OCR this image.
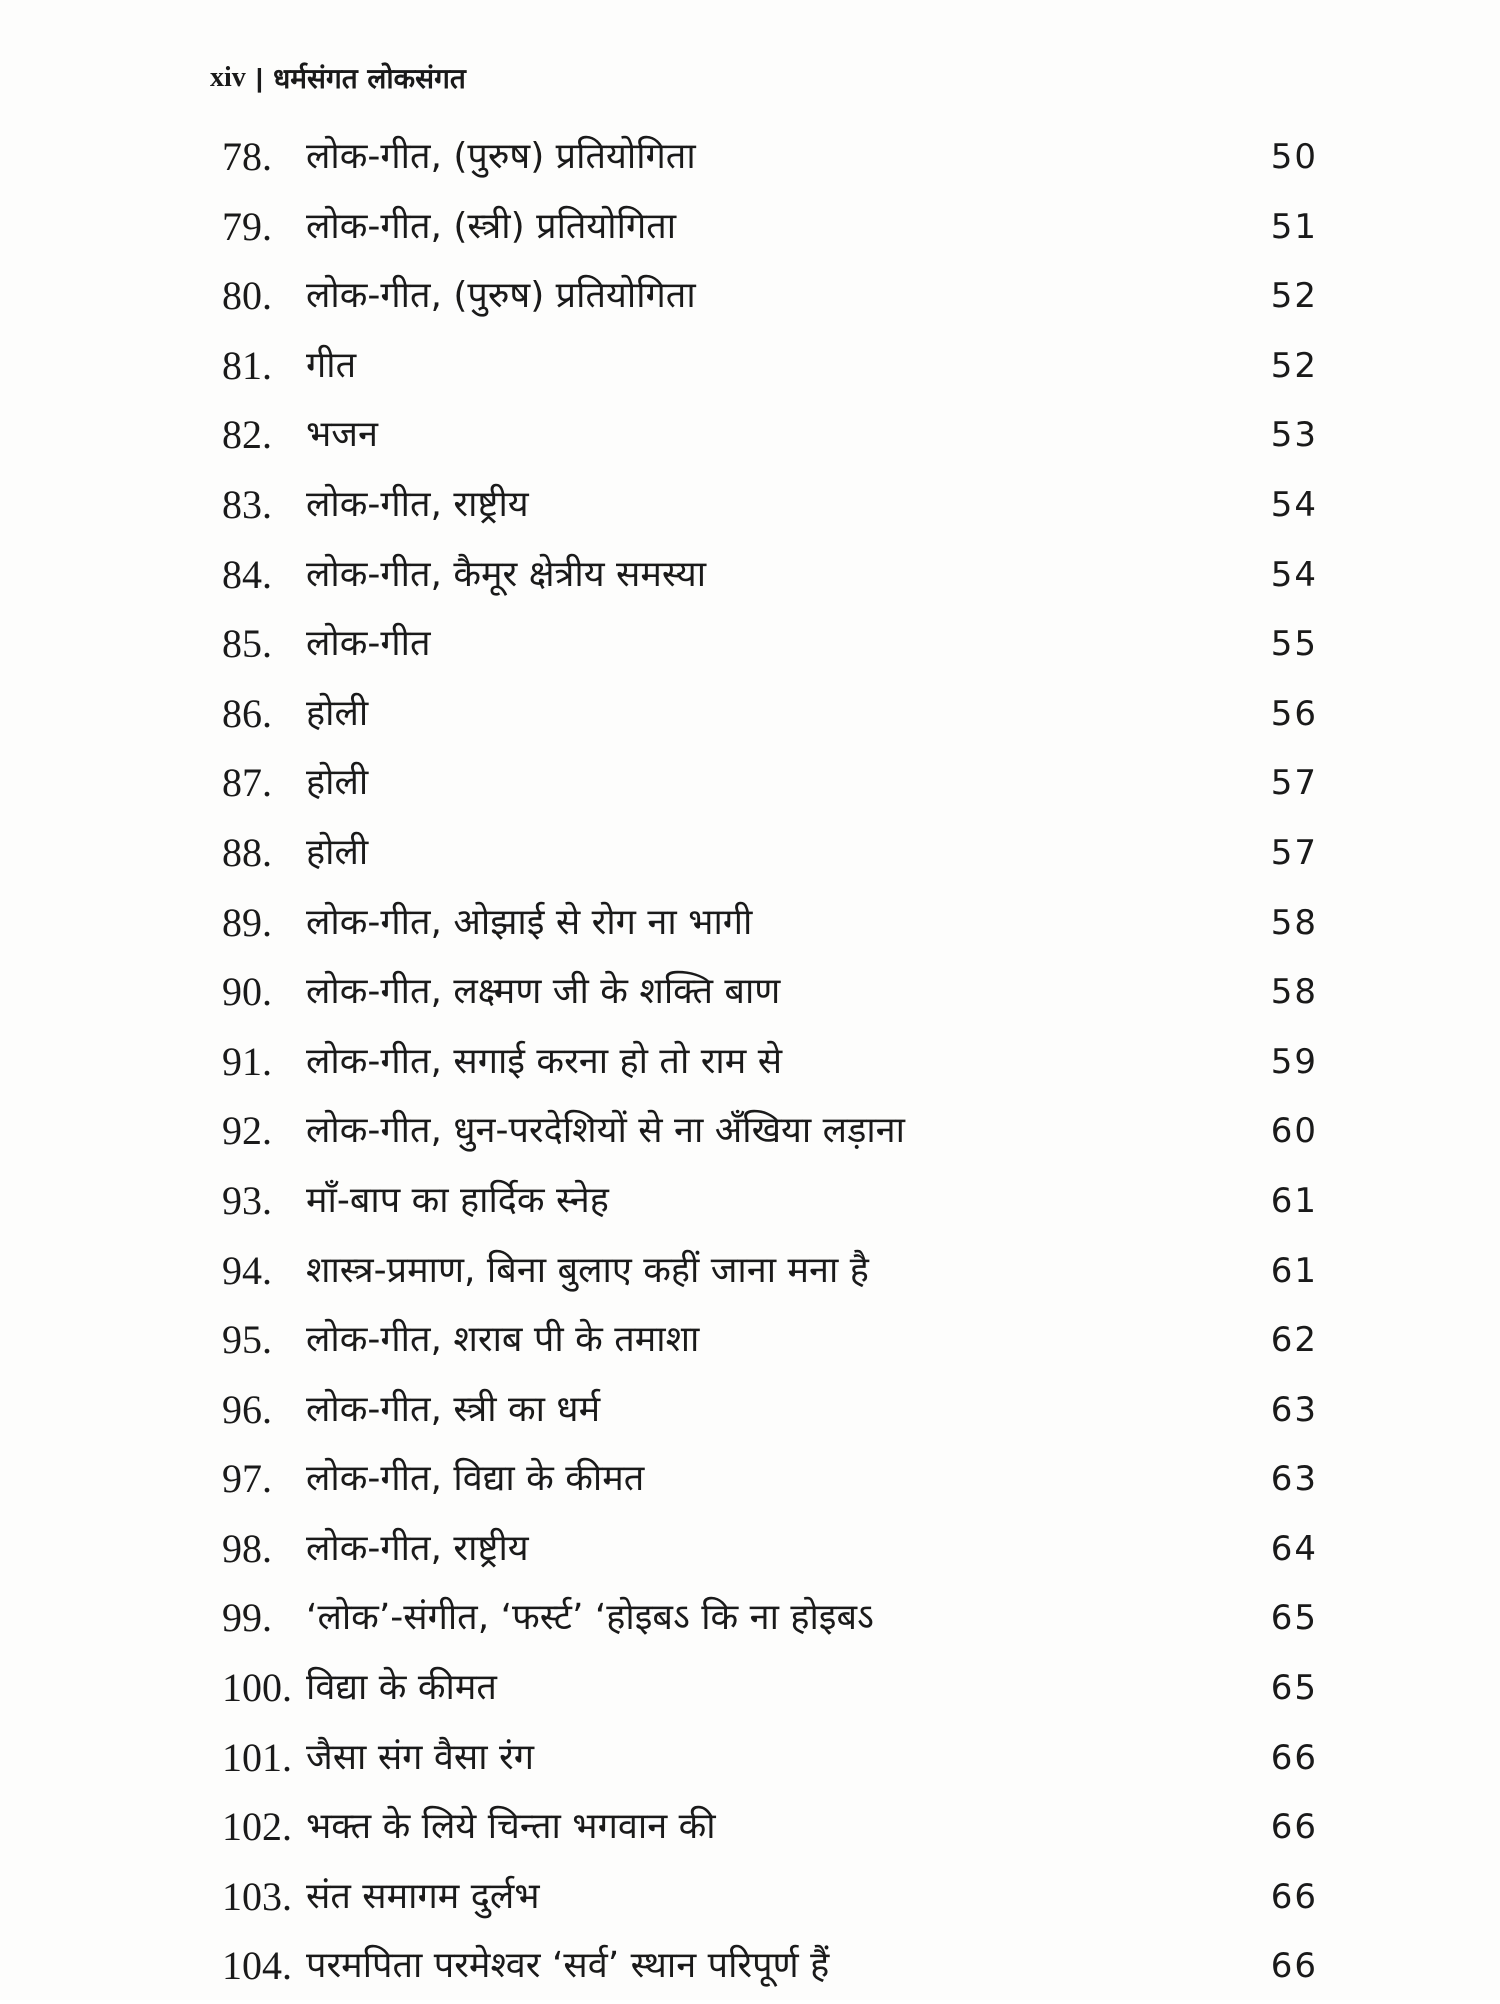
xiv | धर्मसंगत लोकसंगत
78. लोक-गीत, (पुरुष) प्रतियोगिता	50
79. लोक-गीत, (स्त्री) प्रतियोगिता	51
80. लोक-गीत, (पुरुष) प्रतियोगिता	52
81. गीत	52
82. भजन	53
83. लोक-गीत, राष्ट्रीय	54
84. लोक-गीत, कैमूर क्षेत्रीय समस्या	54
85. लोक-गीत	55
86. होली	56
87. होली	57
88. होली	57
89. लोक-गीत, ओझाई से रोग ना भागी	58
90. लोक-गीत, लक्ष्मण जी के शक्ति बाण	58
91. लोक-गीत, सगाई करना हो तो राम से	59
92. लोक-गीत, धुन-परदेशियों से ना अँखिया लड़ाना	60
93. माँ-बाप का हार्दिक स्नेह	61
94. शास्त्र-प्रमाण, बिना बुलाए कहीं जाना मना है	61
95. लोक-गीत, शराब पी के तमाशा	62
96. लोक-गीत, स्त्री का धर्म	63
97. लोक-गीत, विद्या के कीमत	63
98. लोक-गीत, राष्ट्रीय	64
99. ‘लोक’-संगीत, ‘फर्स्ट’ ‘होइबऽ कि ना होइबऽ	65
100. विद्या के कीमत	65
101. जैसा संग वैसा रंग	66
102. भक्त के लिये चिन्ता भगवान की	66
103. संत समागम दुर्लभ	66
104. परमपिता परमेश्वर ‘सर्व’ स्थान परिपूर्ण हैं	66
